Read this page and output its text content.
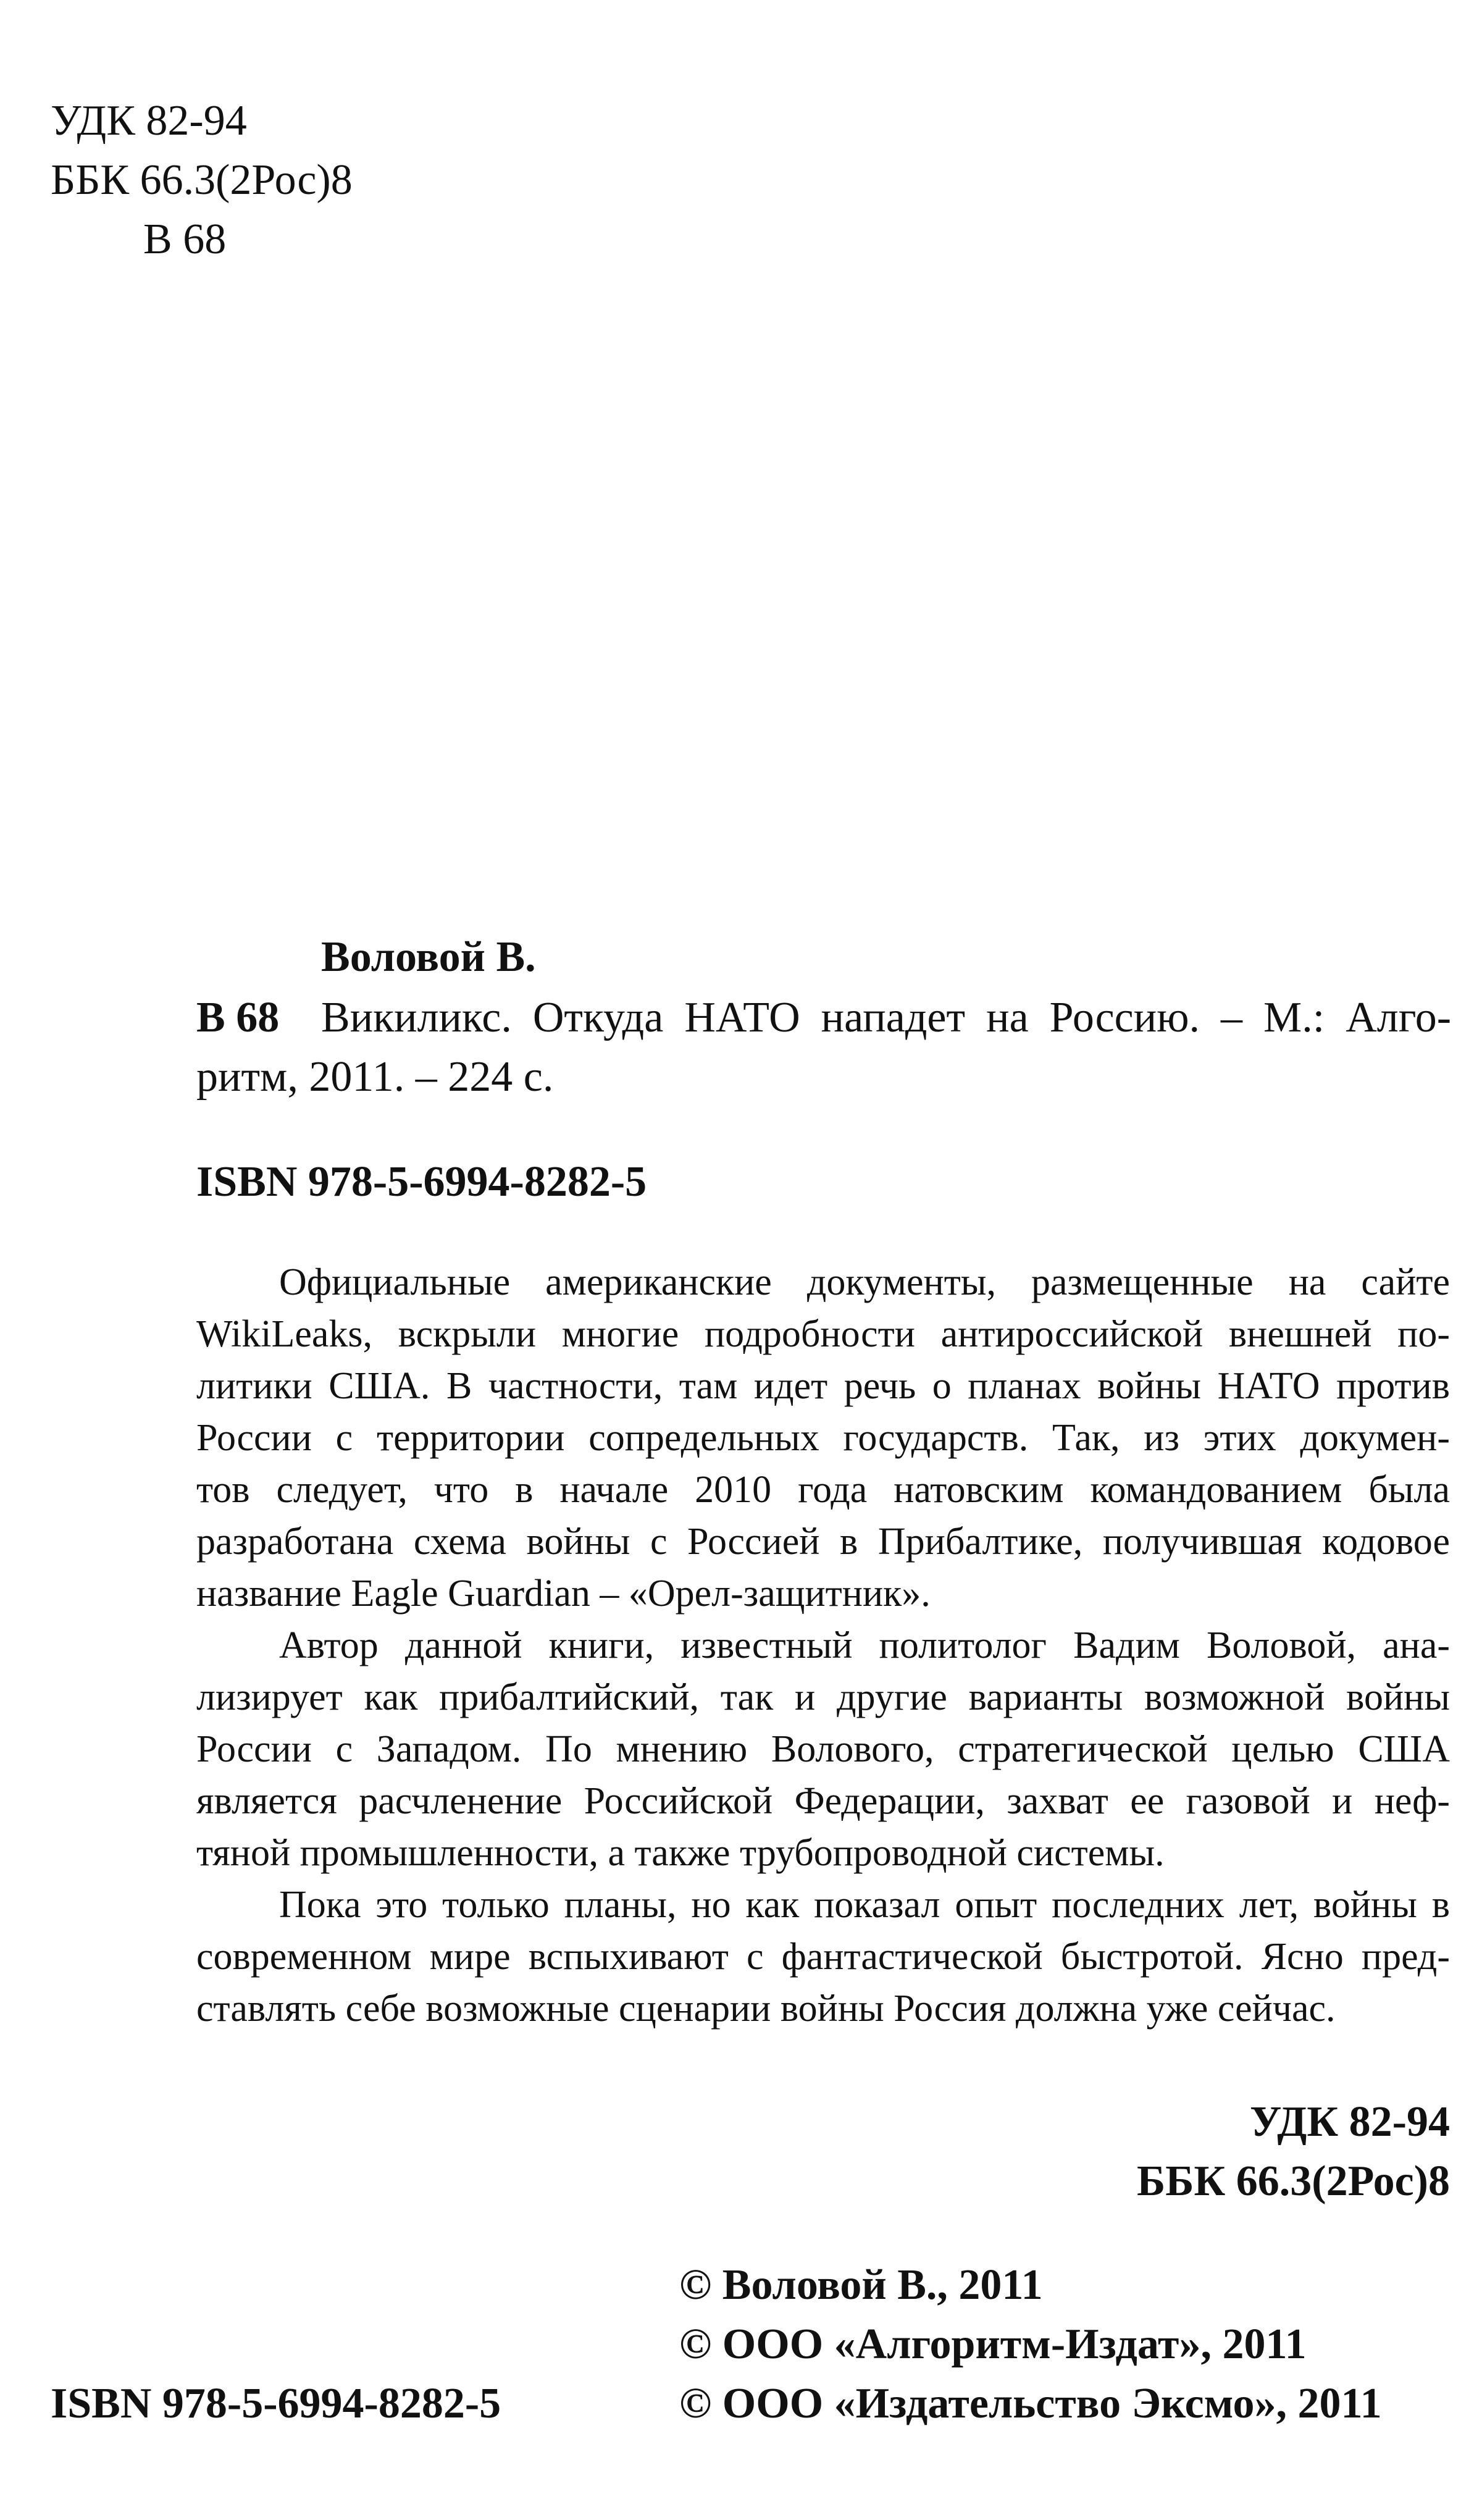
УДК 82-94
ББК 66.3(2Рос)8
В 68
Воловой В.
В 68 Викиликс. Откуда НАТО нападет на Россию. – М.: Алго-
ритм, 2011. – 224 с.
ISBN 978-5-6994-8282-5
Официальные американские документы, размещенные на сайте
WikiLeaks, вскрыли многие подробности антироссийской внешней по-
литики США. В частности, там идет речь о планах войны НАТО против
России с территории сопредельных государств. Так, из этих докумен-
тов следует, что в начале 2010 года натовским командованием была
разработана схема войны с Россией в Прибалтике, получившая кодовое
название Eagle Guardian – «Орел-защитник».
Автор данной книги, известный политолог Вадим Воловой, ана-
лизирует как прибалтийский, так и другие варианты возможной войны
России с Западом. По мнению Волового, стратегической целью США
является расчленение Российской Федерации, захват ее газовой и неф-
тяной промышленности, а также трубопроводной системы.
Пока это только планы, но как показал опыт последних лет, войны в
современном мире вспыхивают с фантастической быстротой. Ясно пред-
ставлять себе возможные сценарии войны Россия должна уже сейчас.
УДК 82-94
ББК 66.3(2Рос)8
© Воловой В., 2011
© ООО «Алгоритм-Издат», 2011
© ООО «Издательство Эксмо», 2011
ISBN 978-5-6994-8282-5
